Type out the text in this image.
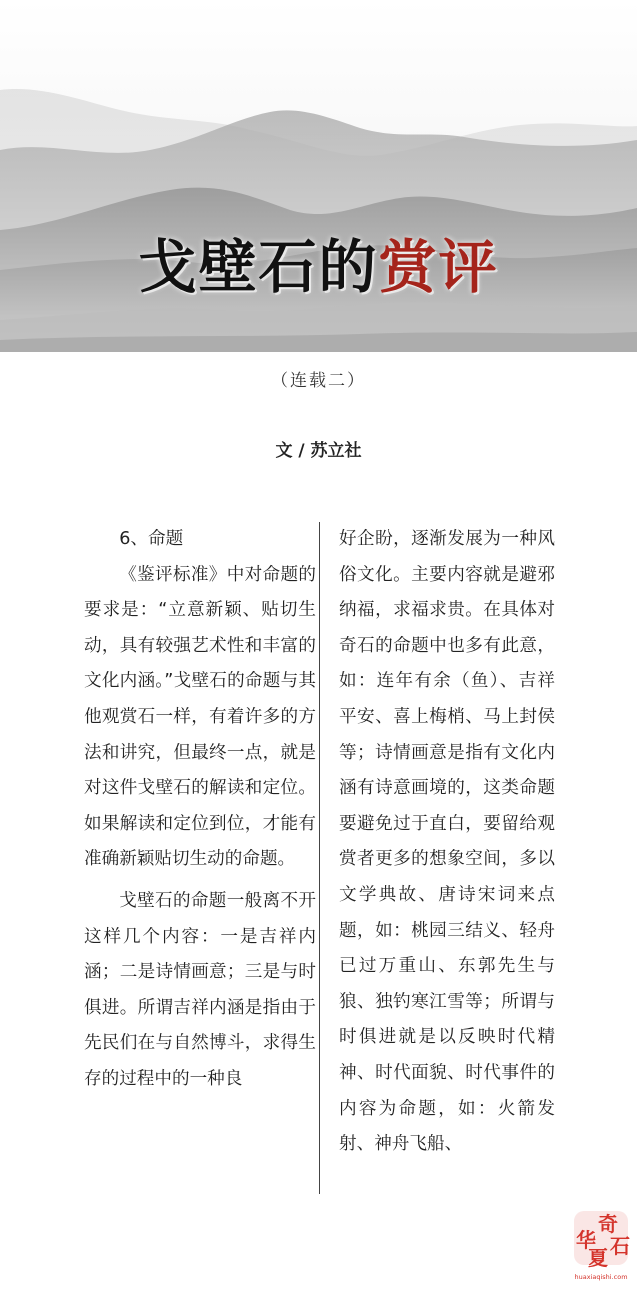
戈壁石的赏评
（连载二）
文 / 苏立社

6、命题

《鉴评标准》中对命题的要求是：“立意新颖、贴切生动，具有较强艺术性和丰富的文化内涵。”戈壁石的命题与其他观赏石一样，有着许多的方法和讲究，但最终一点，就是对这件戈壁石的解读和定位。如果解读和定位到位，才能有准确新颖贴切生动的命题。

戈壁石的命题一般离不开这样几个内容：一是吉祥内涵；二是诗情画意；三是与时俱进。所谓吉祥内涵是指由于先民们在与自然博斗，求得生存的过程中的一种良

好企盼，逐渐发展为一种风俗文化。主要内容就是避邪纳福，求福求贵。在具体对奇石的命题中也多有此意，如：连年有余（鱼）、吉祥平安、喜上梅梢、马上封侯等；诗情画意是指有文化内涵有诗意画境的，这类命题要避免过于直白，要留给观赏者更多的想象空间，多以文学典故、唐诗宋词来点题，如：桃园三结义、轻舟已过万重山、东郭先生与狼、独钓寒江雪等；所谓与时俱进就是以反映时代精神、时代面貌、时代事件的内容为命题，如：火箭发射、神舟飞船、

奇
石
华
夏
huaxiaqishi.com
